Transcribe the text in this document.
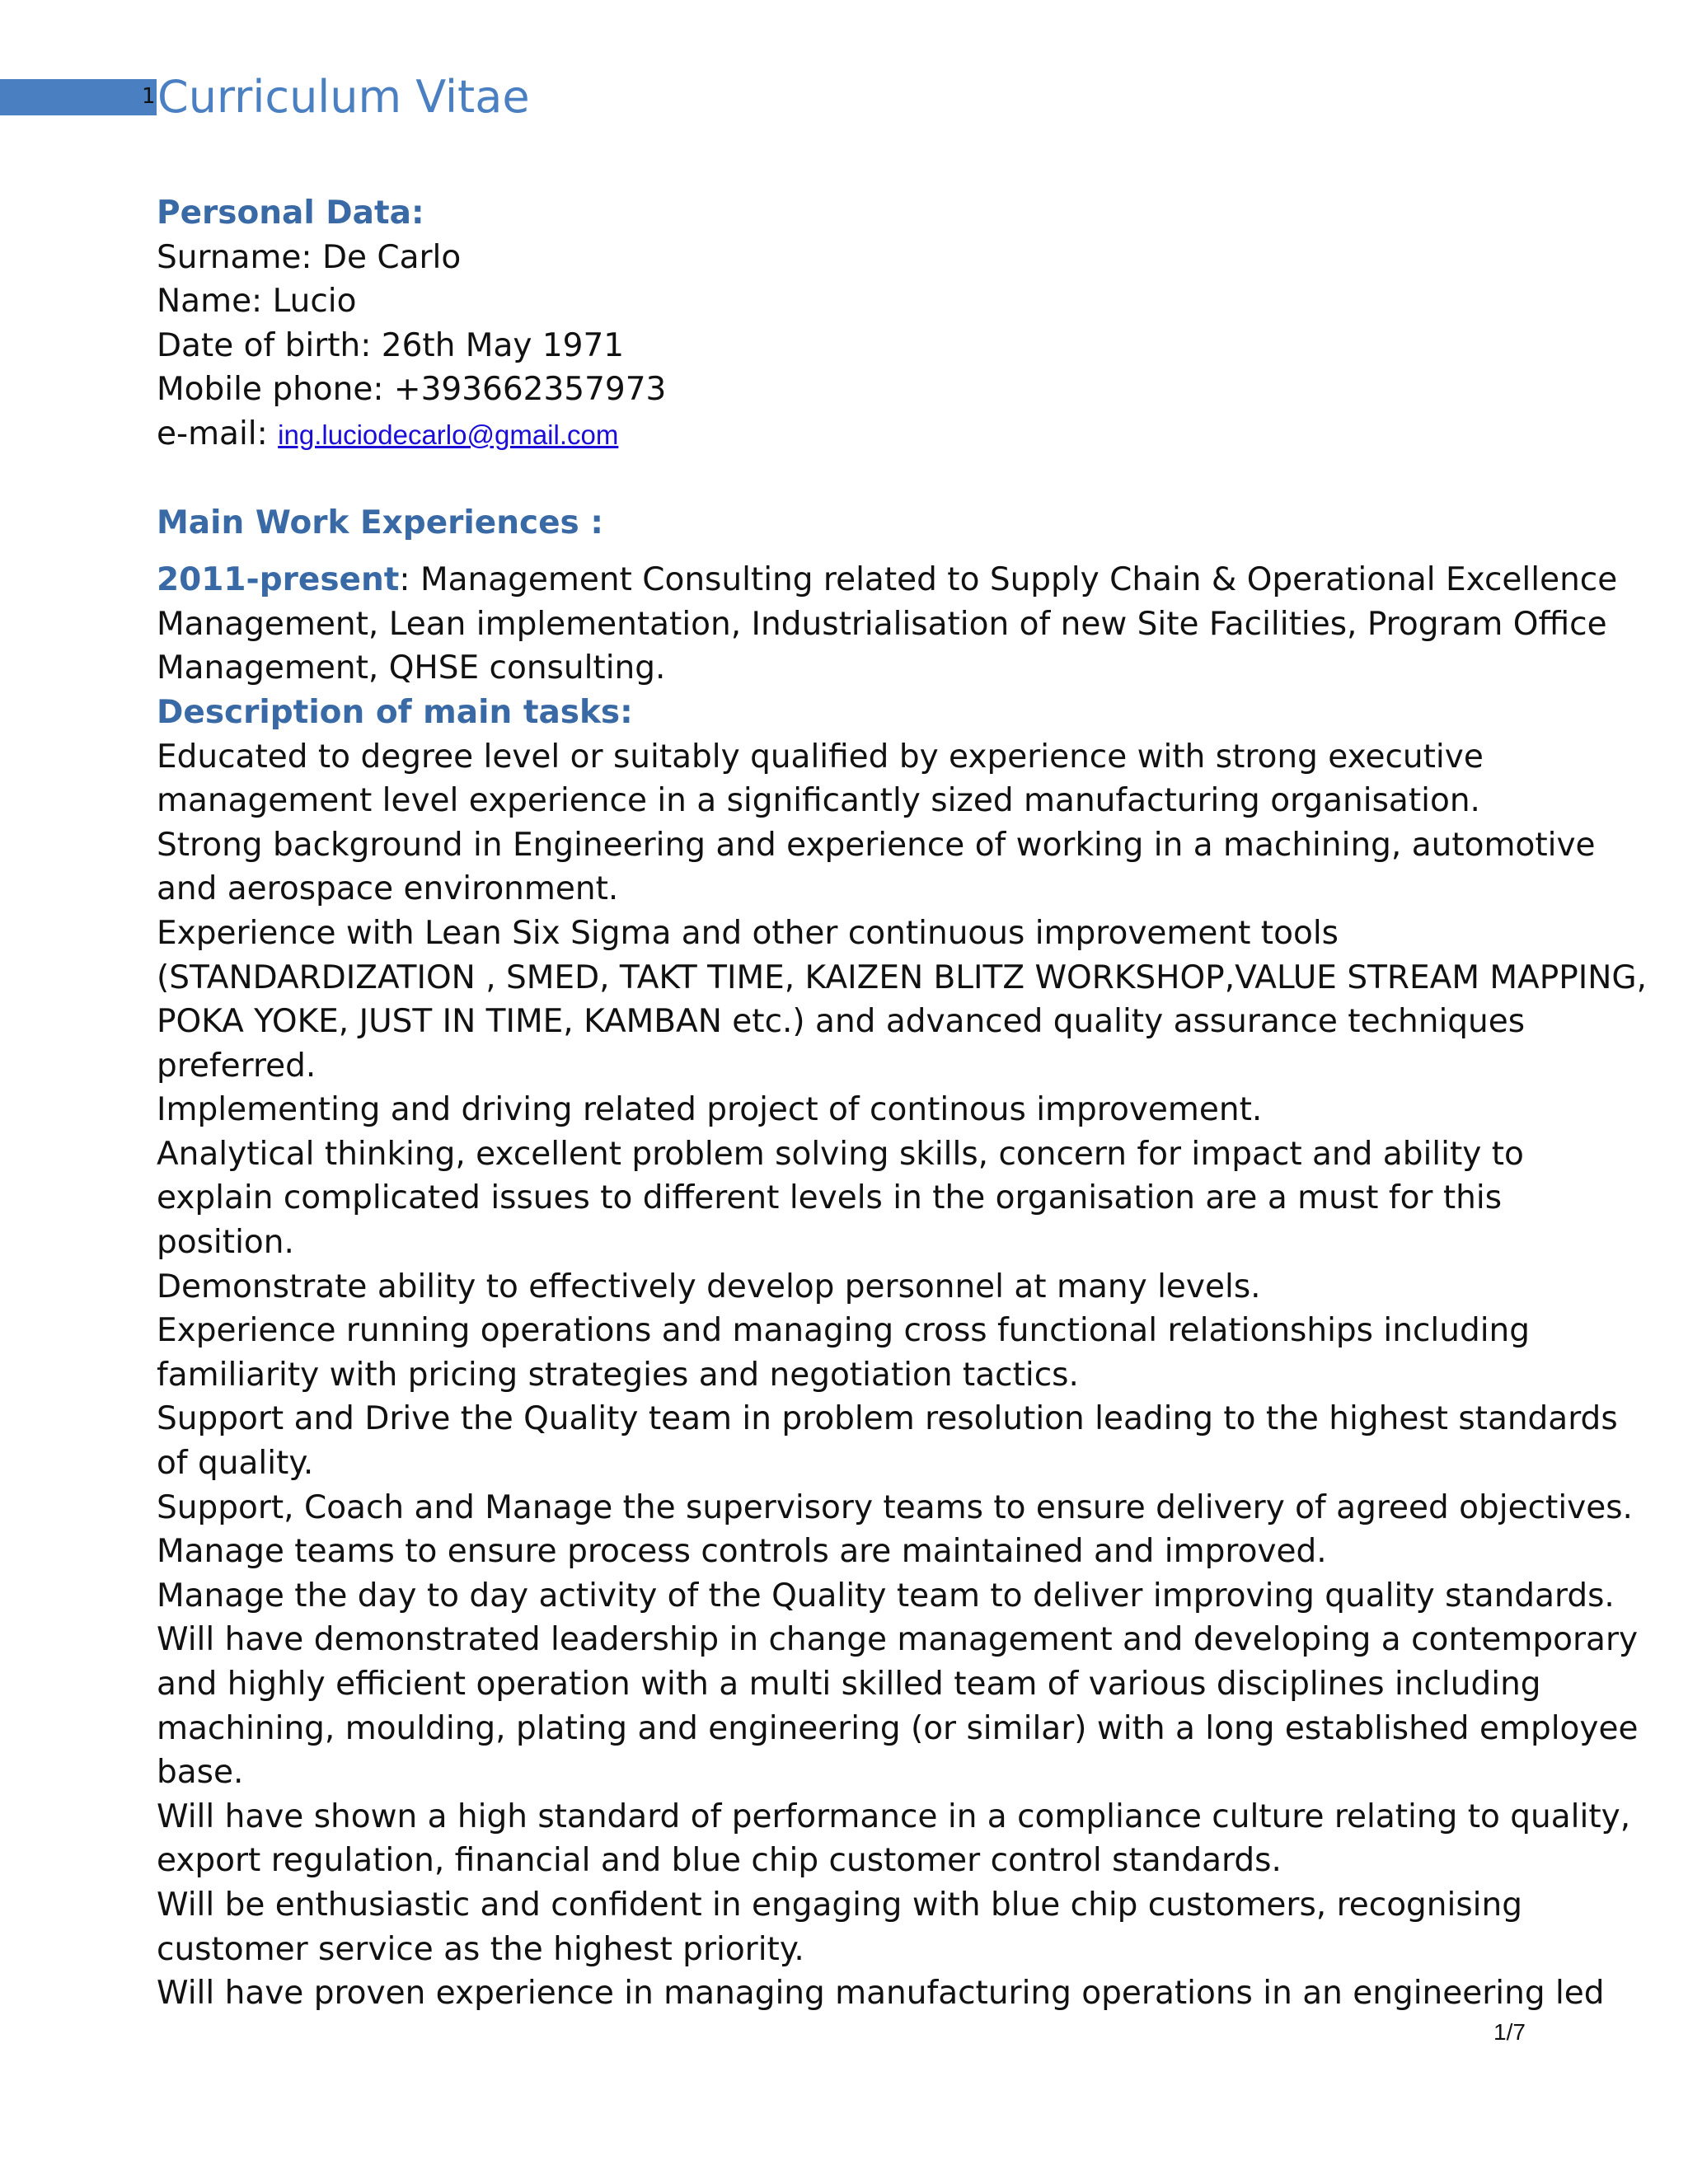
1 Curriculum Vitae
Personal Data:
Surname: De Carlo
Name: Lucio
Date of birth: 26th May 1971
Mobile phone: +393662357973
e-mail: ing.luciodecarlo@gmail.com
Main Work Experiences :
2011-present: Management Consulting related to Supply Chain & Operational Excellence
Management, Lean implementation, Industrialisation of new Site Facilities, Program Office
Management, QHSE consulting.
Description of main tasks:
Educated to degree level or suitably qualified by experience with strong executive
management level experience in a significantly sized manufacturing organisation.
Strong background in Engineering and experience of working in a machining, automotive
and aerospace environment.
Experience with Lean Six Sigma and other continuous improvement tools
(STANDARDIZATION , SMED, TAKT TIME, KAIZEN BLITZ WORKSHOP,VALUE STREAM MAPPING,
POKA YOKE, JUST IN TIME, KAMBAN etc.) and advanced quality assurance techniques
preferred.
Implementing and driving related project of continous improvement.
Analytical thinking, excellent problem solving skills, concern for impact and ability to
explain complicated issues to different levels in the organisation are a must for this
position.
Demonstrate ability to effectively develop personnel at many levels.
Experience running operations and managing cross functional relationships including
familiarity with pricing strategies and negotiation tactics.
Support and Drive the Quality team in problem resolution leading to the highest standards
of quality.
Support, Coach and Manage the supervisory teams to ensure delivery of agreed objectives.
Manage teams to ensure process controls are maintained and improved.
Manage the day to day activity of the Quality team to deliver improving quality standards.
Will have demonstrated leadership in change management and developing a contemporary
and highly efficient operation with a multi skilled team of various disciplines including
machining, moulding, plating and engineering (or similar) with a long established employee
base.
Will have shown a high standard of performance in a compliance culture relating to quality,
export regulation, financial and blue chip customer control standards.
Will be enthusiastic and confident in engaging with blue chip customers, recognising
customer service as the highest priority.
Will have proven experience in managing manufacturing operations in an engineering led
1/7
